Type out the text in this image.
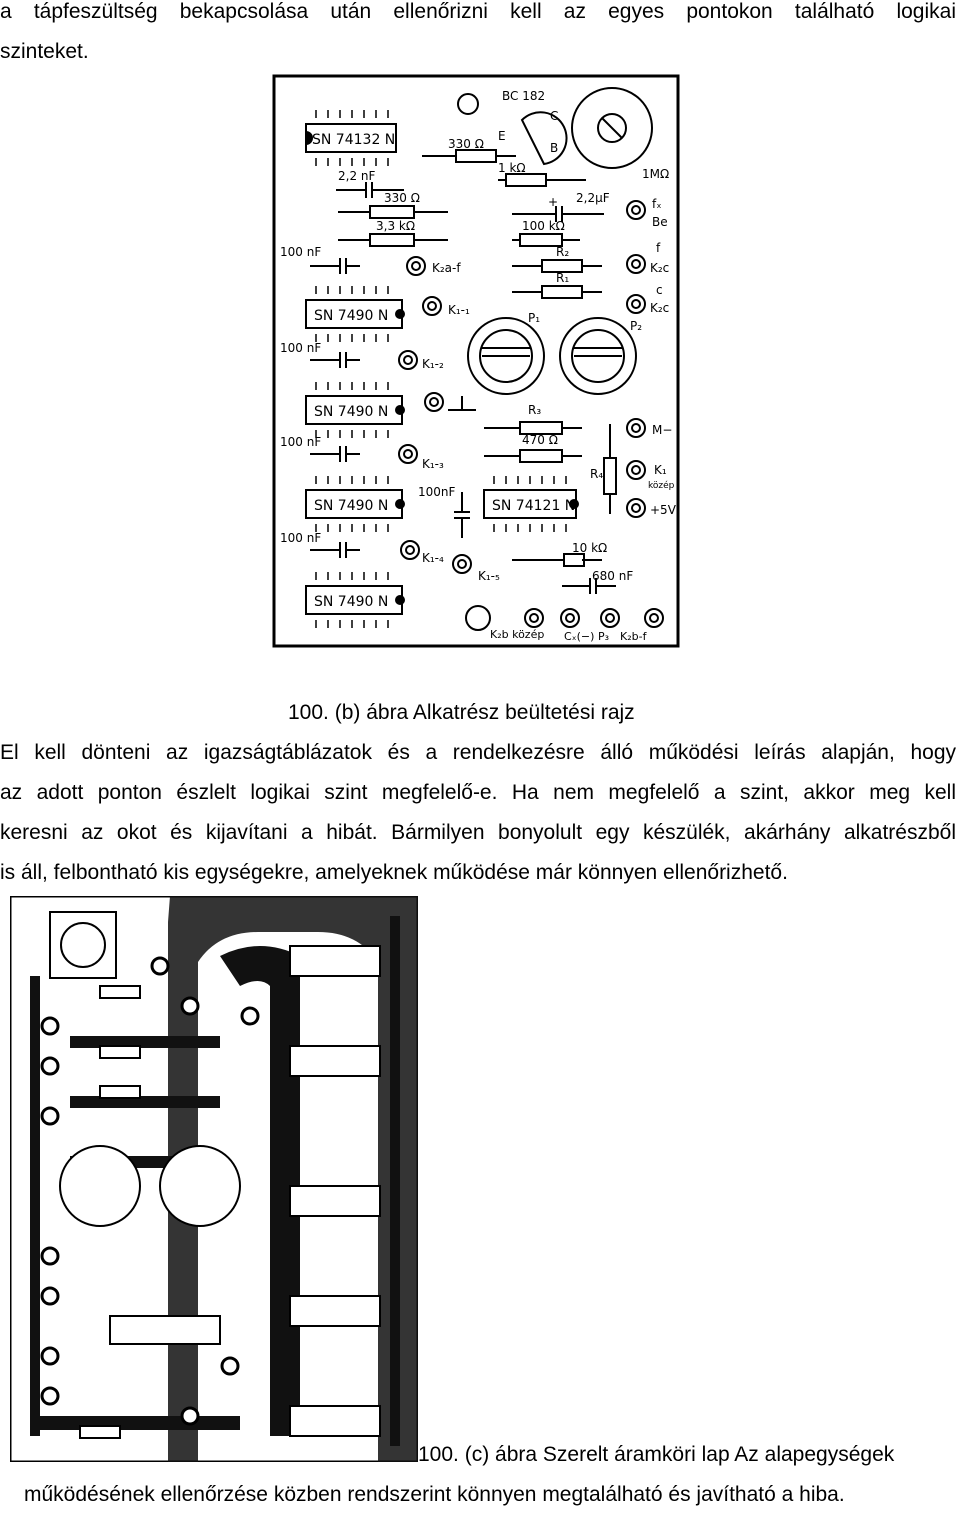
a tápfeszültség bekapcsolása után ellenőrizni kell az egyes pontokon található logikai
szinteket.
SN 74132 N
SN 7490 N
SN 7490 N
SN 7490 N	SN 74121 N
SN 7490 N
BC 182
C
E
B
330 Ω
1 kΩ
2,2 nF
330 Ω
3,3 kΩ
2,2μF
+
100 kΩ
R₂
R₁
1MΩ
fₓ
Be
f
K₂c
c
K₂c
100 nF
100 nF
100 nF
100 nF
100nF
K₂a-f
K₁-₁
K₁-₂
K₁-₃
K₁-₄
K₁-₅
P₁
P₂
R₃
470 Ω
R₄
M−
K₁
közép
+5V
10 kΩ
680 nF
K₂b közép Cₓ(−) P₃ K₂b-f
100. (b) ábra Alkatrész beültetési rajz
El kell dönteni az igazságtáblázatok és a rendelkezésre álló működési leírás alapján, hogy
az adott ponton észlelt logikai szint megfelelő-e. Ha nem megfelelő a szint, akkor meg kell
keresni az okot és kijavítani a hibát. Bármilyen bonyolult egy készülék, akárhány alkatrészből
is áll, felbontható kis egységekre, amelyeknek működése már könnyen ellenőrizhető.
100. (c) ábra Szerelt áramköri lap Az alapegységek
működésének ellenőrzése közben rendszerint könnyen megtalálható és javítható a hiba.
